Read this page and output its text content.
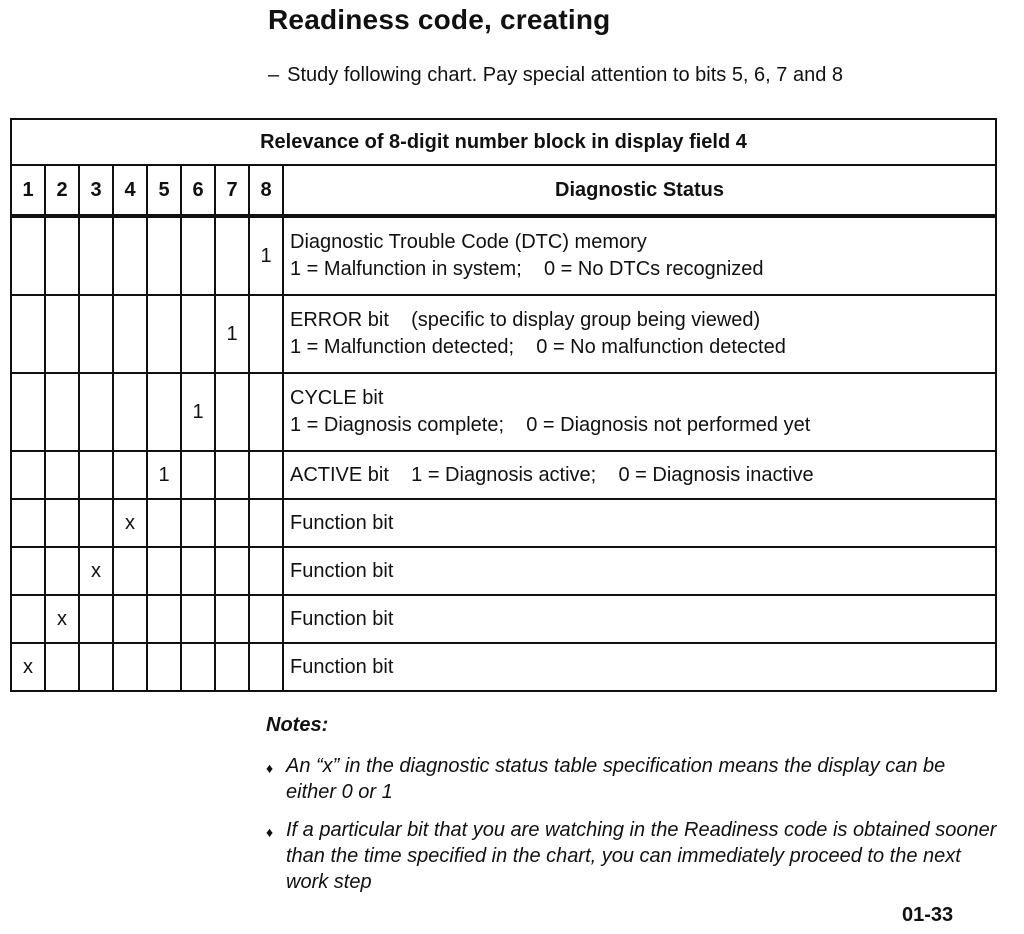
Readiness code, creating
– Study following chart. Pay special attention to bits 5, 6, 7 and 8
Relevance of 8-digit number block in display field 4								
1	2	3	4	5	6	7	8	Diagnostic Status
							1	Diagnostic Trouble Code (DTC) memory
1 = Malfunction in system;    0 = No DTCs recognized

						1		ERROR bit    (specific to display group being viewed)
1 = Malfunction detected;    0 = No malfunction detected

					1			CYCLE bit
1 = Diagnosis complete;    0 = Diagnosis not performed yet

				1				ACTIVE bit    1 = Diagnosis active;    0 = Diagnosis inactive

			x					Function bit

		x						Function bit

	x							Function bit

x								Function bit
Notes:
♦ An “x” in the diagnostic status table specification means the display can be either 0 or 1
♦ If a particular bit that you are watching in the Readiness code is obtained sooner than the time specified in the chart, you can immediately proceed to the next work step
01-33
